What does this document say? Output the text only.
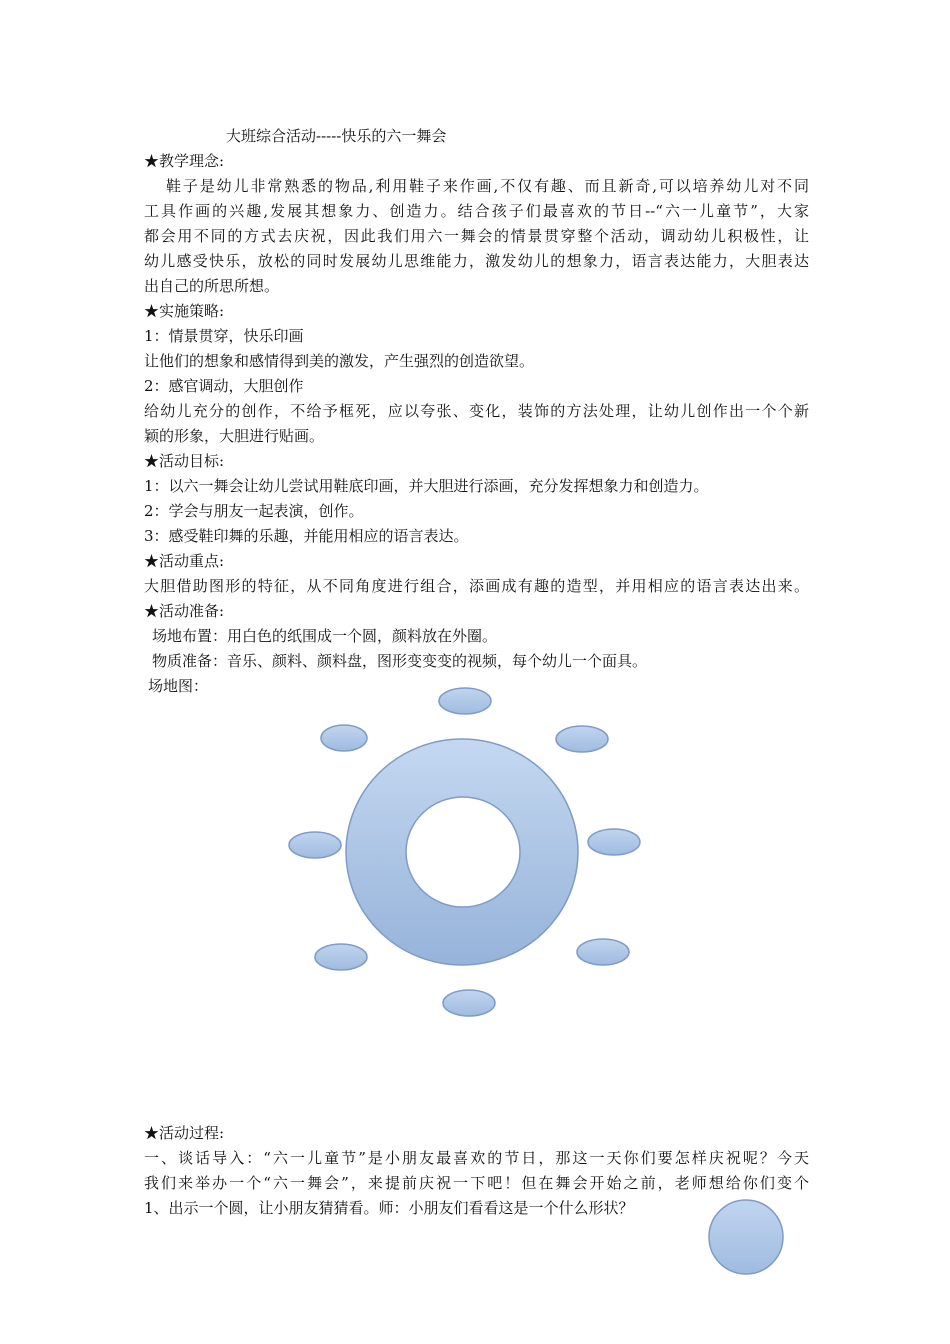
大班综合活动-----快乐的六一舞会
★教学理念:
鞋子是幼儿非常熟悉的物品,利用鞋子来作画,不仅有趣、而且新奇,可以培养幼儿对不同
工具作画的兴趣,发展其想象力、创造力。结合孩子们最喜欢的节日--“六一儿童节”，大家
都会用不同的方式去庆祝，因此我们用六一舞会的情景贯穿整个活动，调动幼儿积极性，让
幼儿感受快乐，放松的同时发展幼儿思维能力，激发幼儿的想象力，语言表达能力，大胆表达
出自己的所思所想。
★实施策略:
1：情景贯穿，快乐印画
让他们的想象和感情得到美的激发，产生强烈的创造欲望。
2：感官调动，大胆创作
给幼儿充分的创作，不给予框死，应以夸张、变化，装饰的方法处理，让幼儿创作出一个个新
颖的形象，大胆进行贴画。
★活动目标:
1：以六一舞会让幼儿尝试用鞋底印画，并大胆进行添画，充分发挥想象力和创造力。
2：学会与朋友一起表演，创作。
3：感受鞋印舞的乐趣，并能用相应的语言表达。
★活动重点:
大胆借助图形的特征，从不同角度进行组合，添画成有趣的造型，并用相应的语言表达出来。
★活动准备:
场地布置：用白色的纸围成一个圆，颜料放在外圈。
物质准备：音乐、颜料、颜料盘，图形变变变的视频，每个幼儿一个面具。
场地图：
★活动过程:
一、谈话导入：“六一儿童节”是小朋友最喜欢的节日，那这一天你们要怎样庆祝呢？今天
我们来举办一个“六一舞会”，来提前庆祝一下吧！但在舞会开始之前，老师想给你们变个
1、出示一个圆，让小朋友猜猜看。师：小朋友们看看这是一个什么形状？
